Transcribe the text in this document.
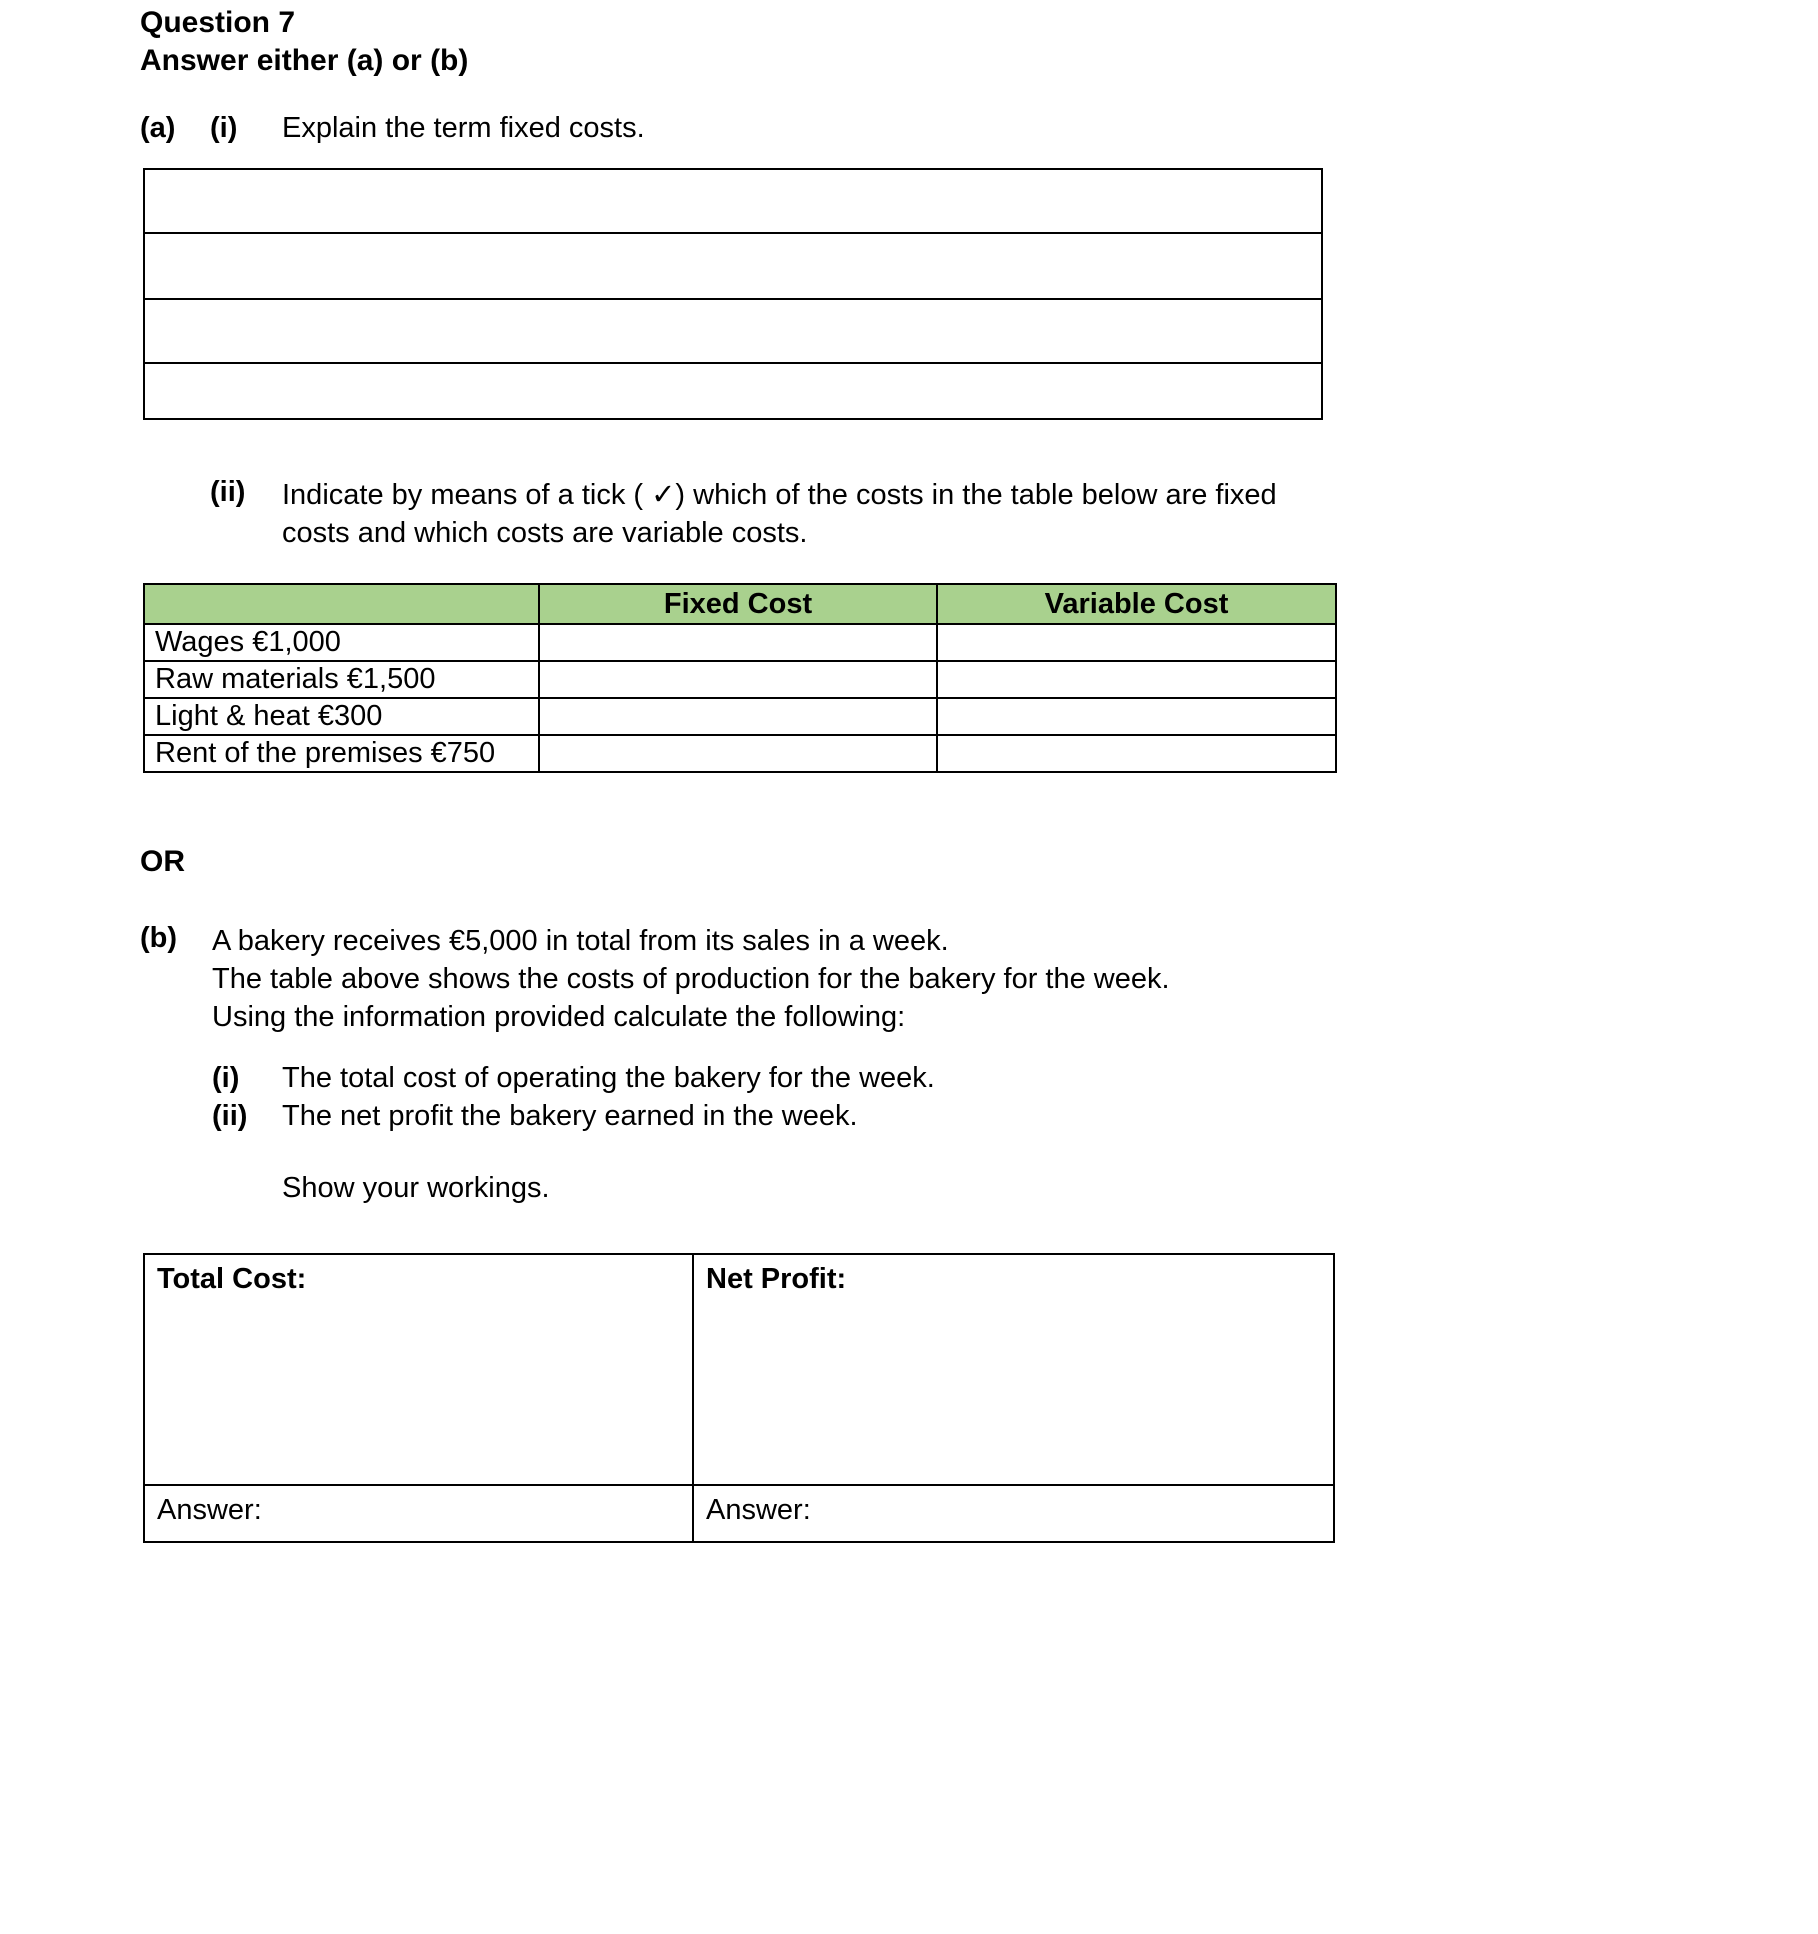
Question 7
Answer either (a) or (b)
(a) (i) Explain the term fixed costs.
(ii) Indicate by means of a tick ( ✓) which of the costs in the table below are fixed costs and which costs are variable costs.
	Fixed Cost	Variable Cost
Wages €1,000		
Raw materials €1,500		
Light & heat €300		
Rent of the premises €750		
OR
(b) A bakery receives €5,000 in total from its sales in a week.
The table above shows the costs of production for the bakery for the week.
Using the information provided calculate the following:
(i) The total cost of operating the bakery for the week.
(ii) The net profit the bakery earned in the week.
Show your workings.
Total Cost:	Net Profit:
Answer:	Answer:
